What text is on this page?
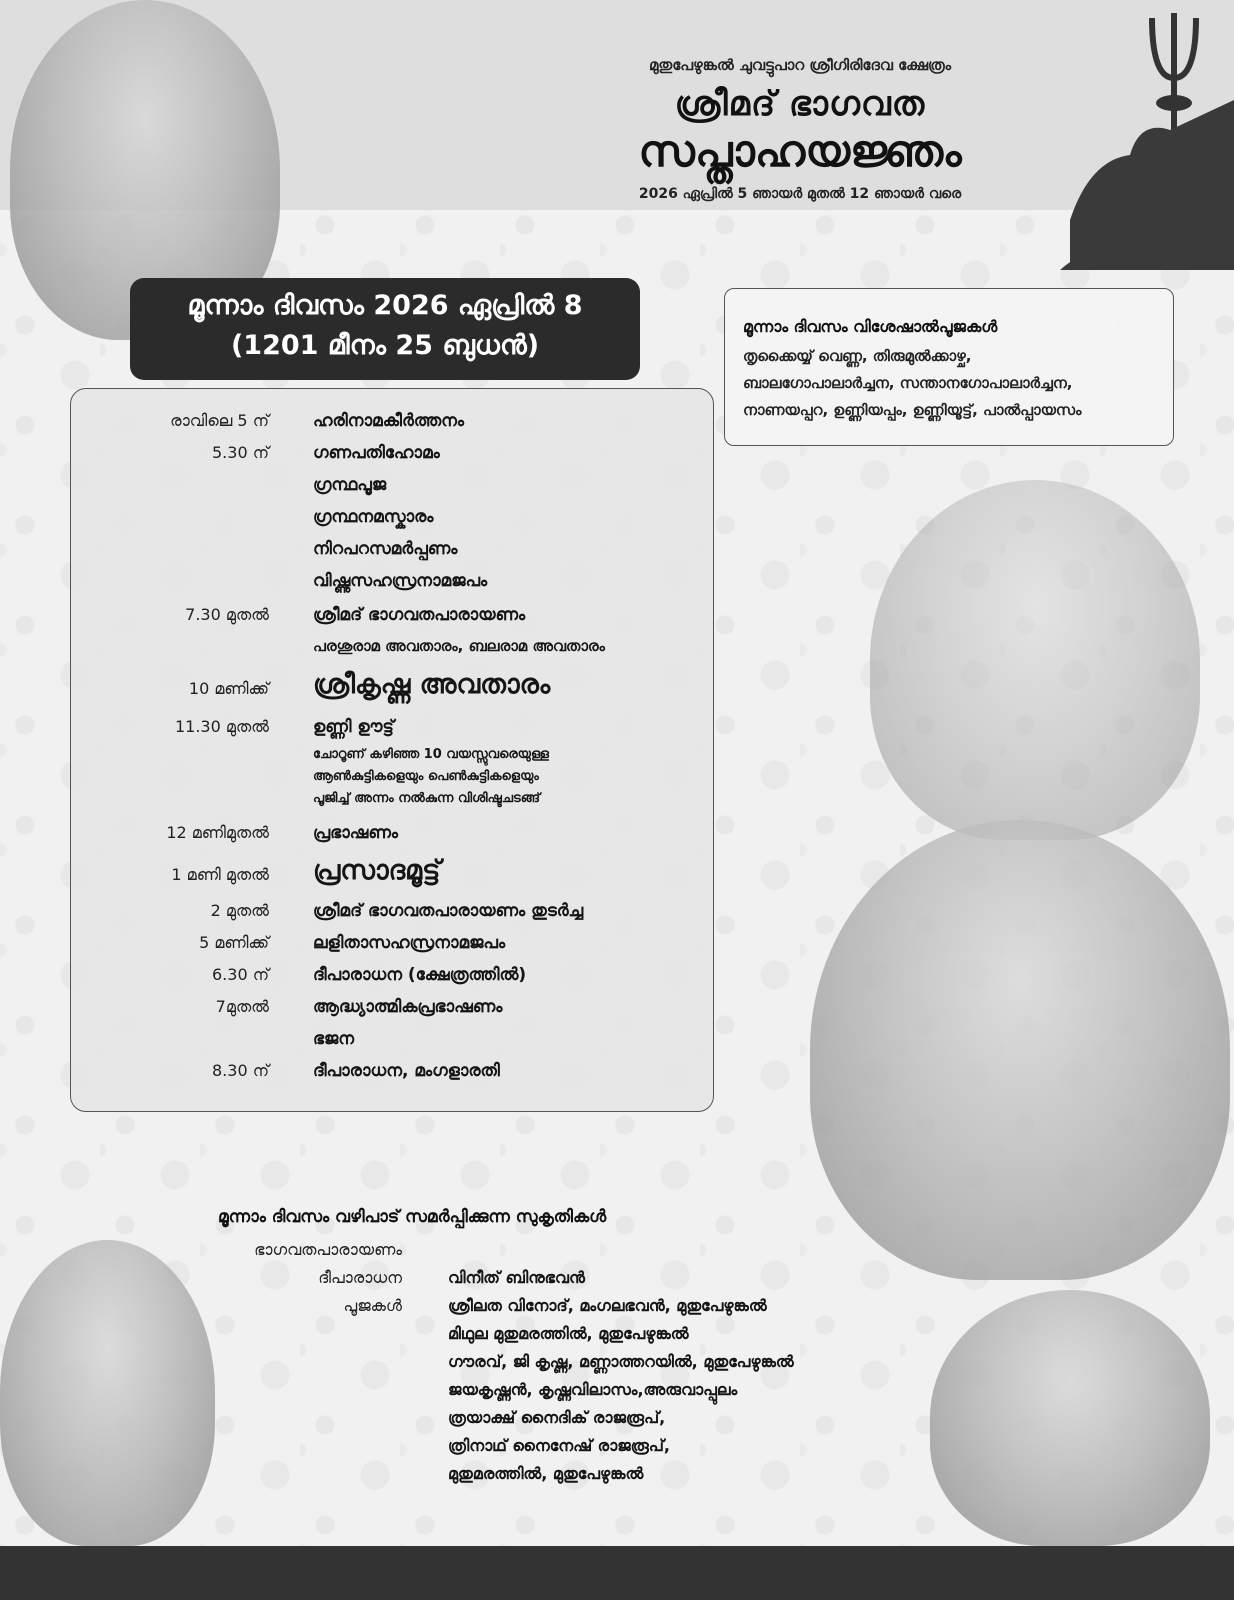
മുതുപേഴുങ്കൽ ചുവട്ടുപാറ ശ്രീഗിരിദേവ ക്ഷേത്രം
ശ്രീമദ് ഭാഗവത
സപ്താഹയജ്ഞം
2026 ഏപ്രിൽ 5 ഞായർ മുതൽ 12 ഞായർ വരെ
മൂന്നാം ദിവസം 2026 ഏപ്രിൽ 8
(1201 മീനം 25 ബുധൻ)
മൂന്നാം ദിവസം വിശേഷാൽപൂജകൾ
തൃക്കൈയ്യ് വെണ്ണ, തിരുമുൽക്കാഴ്ച,
ബാലഗോപാലാർച്ചന, സന്താനഗോപാലാർച്ചന,
നാണയപ്പറ, ഉണ്ണിയപ്പം, ഉണ്ണിയൂട്ട്, പാൽപ്പായസം
രാവിലെ 5 ന്	ഹരിനാമകീർത്തനം
5.30 ന്	ഗണപതിഹോമം
ഗ്രന്ഥപൂജ
ഗ്രന്ഥനമസ്കാരം
നിറപറസമർപ്പണം
വിഷ്ണുസഹസ്രനാമജപം
7.30 മുതൽ	ശ്രീമദ് ഭാഗവതപാരായണം
പരശുരാമ അവതാരം, ബലരാമ അവതാരം
10 മണിക്ക് ശ്രീകൃഷ്ണ അവതാരം
11.30 മുതൽ	ഉണ്ണി ഊട്ട്
ചോറൂണ് കഴിഞ്ഞ 10 വയസ്സുവരെയുള്ള
ആൺകുട്ടികളെയും പെൺകുട്ടികളെയും
പൂജിച്ച് അന്നം നൽകുന്ന വിശിഷ്ടചടങ്ങ്
12 മണിമുതൽ	പ്രഭാഷണം
1 മണി മുതൽ പ്രസാദമൂട്ട്
2 മുതൽ	ശ്രീമദ് ഭാഗവതപാരായണം തുടർച്ച
5 മണിക്ക്	ലളിതാസഹസ്രനാമജപം
6.30 ന്	ദീപാരാധന (ക്ഷേത്രത്തിൽ)
7മുതൽ	ആദ്ധ്യാത്മികപ്രഭാഷണം
ഭജന
8.30 ന്	ദീപാരാധന, മംഗളാരതി
മൂന്നാം ദിവസം വഴിപാട് സമർപ്പിക്കുന്ന സുകൃതികൾ
ഭാഗവതപാരായണം
ദീപാരാധന	വിനീത് ബിനുഭവൻ
പൂജകൾ	ശ്രീലത വിനോദ്, മംഗലഭവൻ, മുതുപേഴുങ്കൽ
മിഥുല മുതുമരത്തിൽ, മുതുപേഴുങ്കൽ
ഗൗരവ്, ജി കൃഷ്ണ, മണ്ണാത്തറയിൽ, മുതുപേഴുങ്കൽ
ജയകൃഷ്ണൻ, കൃഷ്ണവിലാസം,അരുവാപ്പുലം
ത്രയാക്ഷ് നൈദിക് രാജരൂപ്,
ത്രിനാഥ് നൈനേഷ് രാജരൂപ്,
മുതുമരത്തിൽ, മുതുപേഴുങ്കൽ
